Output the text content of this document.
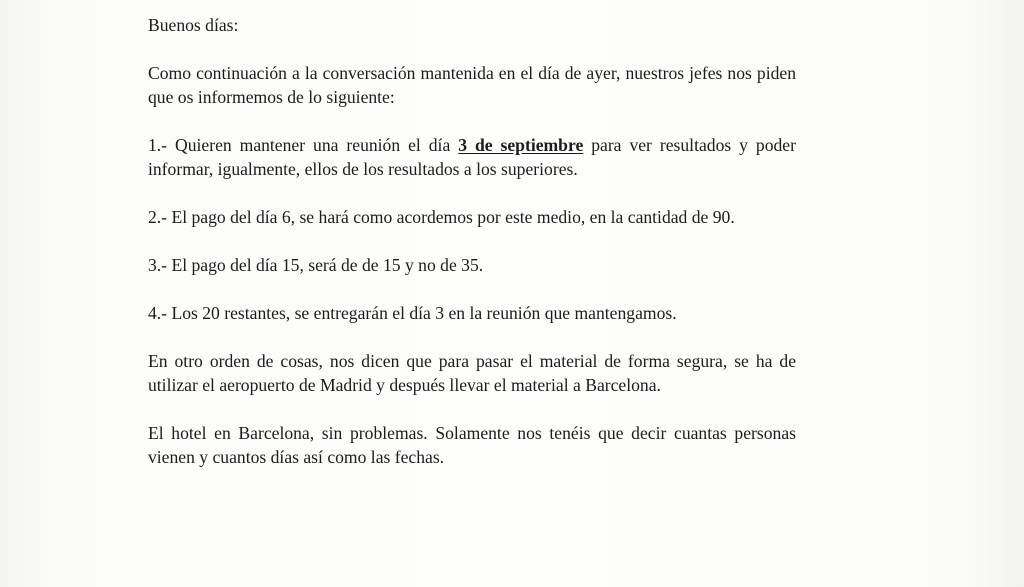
Buenos días:

Como continuación a la conversación mantenida en el día de ayer, nuestros jefes nos piden que os informemos de lo siguiente:

1.- Quieren mantener una reunión el día 3 de septiembre para ver resultados y poder informar, igualmente, ellos de los resultados a los superiores.

2.- El pago del día 6, se hará como acordemos por este medio, en la cantidad de 90.

3.- El pago del día 15, será de de 15 y no de 35.

4.- Los 20 restantes, se entregarán el día 3 en la reunión que mantengamos.

En otro orden de cosas, nos dicen que para pasar el material de forma segura, se ha de utilizar el aeropuerto de Madrid y después llevar el material a Barcelona.

El hotel en Barcelona, sin problemas. Solamente nos tenéis que decir cuantas personas vienen y cuantos días así como las fechas.
